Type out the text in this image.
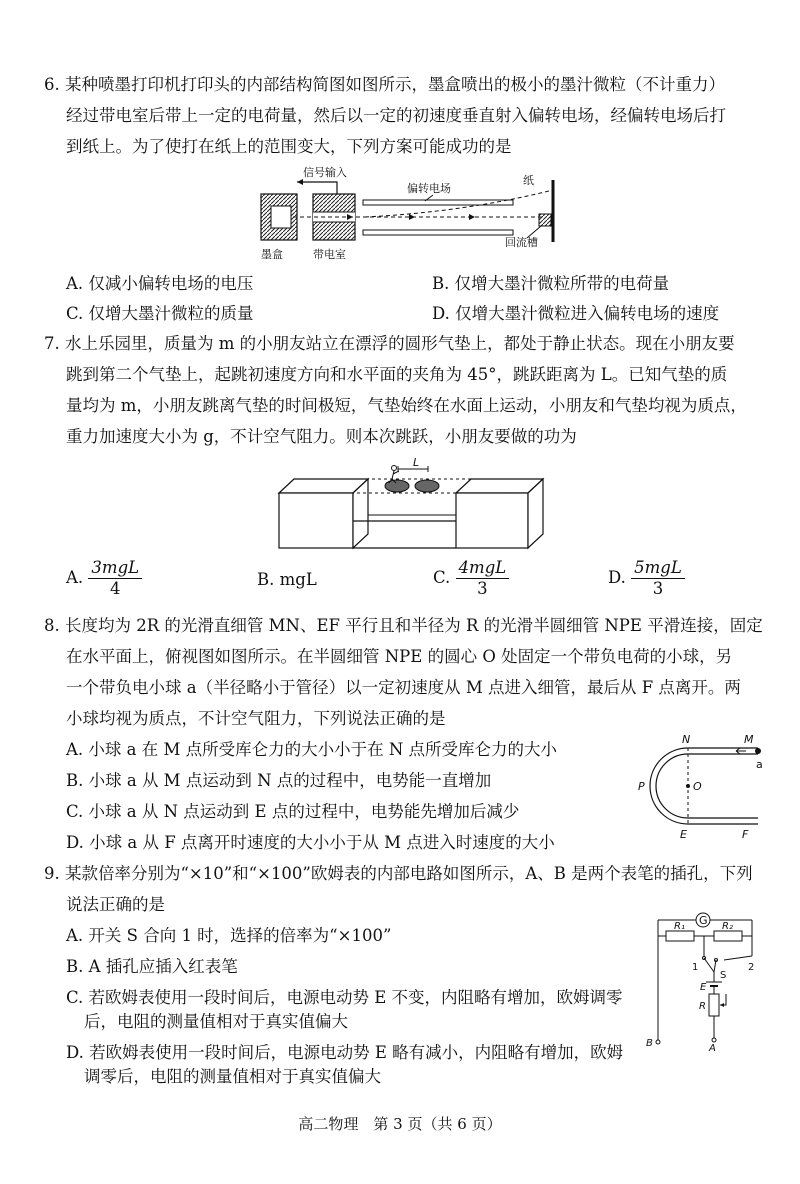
6. 某种喷墨打印机打印头的内部结构简图如图所示，墨盒喷出的极小的墨汁微粒（不计重力）
经过带电室后带上一定的电荷量，然后以一定的初速度垂直射入偏转电场，经偏转电场后打
到纸上。为了使打在纸上的范围变大，下列方案可能成功的是
信号输入
偏转电场
纸
回流槽
墨盒	带电室
A. 仅减小偏转电场的电压	B. 仅增大墨汁微粒所带的电荷量
C. 仅增大墨汁微粒的质量	D. 仅增大墨汁微粒进入偏转电场的速度
7. 水上乐园里，质量为 m 的小朋友站立在漂浮的圆形气垫上，都处于静止状态。现在小朋友要
跳到第二个气垫上，起跳初速度方向和水平面的夹角为 45°，跳跃距离为 L。已知气垫的质
量均为 m，小朋友跳离气垫的时间极短，气垫始终在水面上运动，小朋友和气垫均视为质点，
重力加速度大小为 g，不计空气阻力。则本次跳跃，小朋友要做的功为
L
A. $\frac{\text{3mgL}}{4}$	B. mgL	C. $\frac{\text{4mgL}}{3}$	D. $\frac{\text{5mgL}}{3}$
8. 长度均为 2R 的光滑直细管 MN、EF 平行且和半径为 R 的光滑半圆细管 NPE 平滑连接，固定
在水平面上，俯视图如图所示。在半圆细管 NPE 的圆心 O 处固定一个带负电荷的小球，另
一个带负电小球 a（半径略小于管径）以一定初速度从 M 点进入细管，最后从 F 点离开。两
小球均视为质点，不计空气阻力，下列说法正确的是
A. 小球 a 在 M 点所受库仑力的大小小于在 N 点所受库仑力的大小
B. 小球 a 从 M 点运动到 N 点的过程中，电势能一直增加
C. 小球 a 从 N 点运动到 E 点的过程中，电势能先增加后减少
D. 小球 a 从 F 点离开时速度的大小小于从 M 点进入时速度的大小
N	M
a
P	O
E	F
9. 某款倍率分别为“×10”和“×100”欧姆表的内部电路如图所示，A、B 是两个表笔的插孔，下列
说法正确的是
A. 开关 S 合向 1 时，选择的倍率为“×100”
B. A 插孔应插入红表笔
C. 若欧姆表使用一段时间后，电源电动势 E 不变，内阻略有增加，欧姆调零
后，电阻的测量值相对于真实值偏大
D. 若欧姆表使用一段时间后，电源电动势 E 略有减小，内阻略有增加，欧姆
调零后，电阻的测量值相对于真实值偏大
G
R₁	R₂
1	2
S
E
R
A
B
高二物理　第 3 页（共 6 页）
